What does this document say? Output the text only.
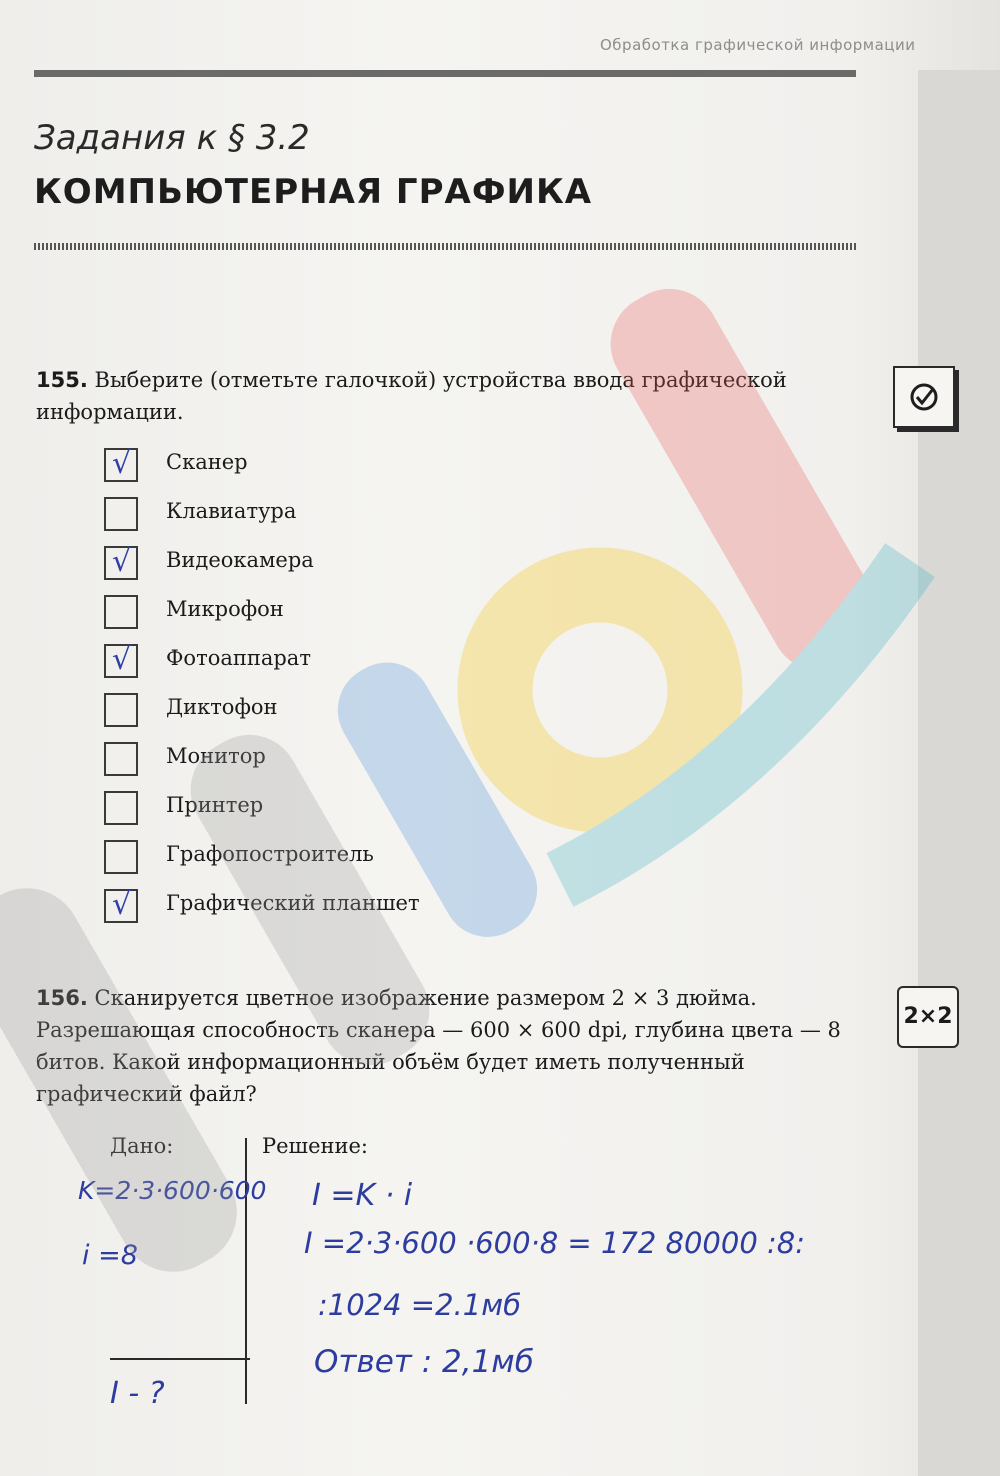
Обработка графической информации
Задания к § 3.2
КОМПЬЮТЕРНАЯ ГРАФИКА
155. Выберите (отметьте галочкой) устройства ввода графической информации.
√ Сканер
Клавиатура
√ Видеокамера
Микрофон
√ Фотоаппарат
Диктофон
Монитор
Принтер
Графопостроитель
√ Графический планшет
156. Сканируется цветное изображение размером 2 × 3 дюйма. Разрешающая способность сканера — 600 × 600 dpi, глубина цвета — 8 битов. Какой информационный объём будет иметь полученный графический файл?
2×2
Дано:	Решение:
K=2·3·600·600
i =8
I - ?
I =K · i
I =2·3·600 ·600·8 = 172 80000 :8:
:1024 =2.1мб
Ответ : 2,1мб
